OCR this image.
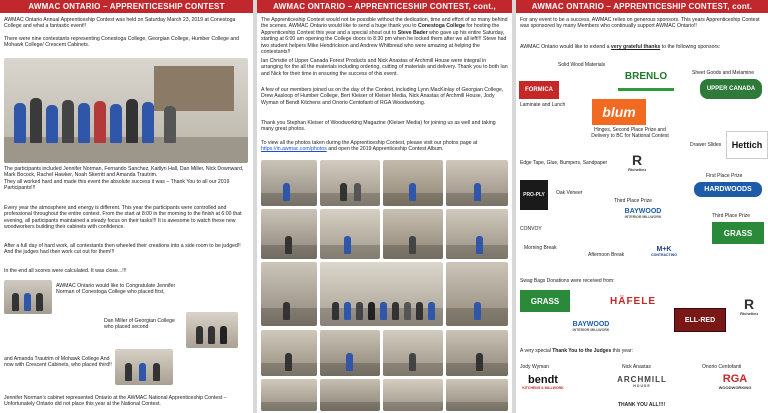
AWMAC ONTARIO – APPRENTICESHIP CONTEST
AWMAC Ontario Annual Apprenticeship Contest was held on Saturday March 23, 2019 at Conestoga College and what a fantastic event!!
There were nine contestants representing Conestoga College, Georgian College, Humber College and Mohawk College/ Crescent Cabinets.
The participants included Jennifer Norman, Fernando Sanchez, Kaitlyn Hall, Dan Miller, Nick Downward, Mark Bocock, Rachel Hawker, Noah Skerritt and Amanda Trautrim.
They all worked hard and made this event the absolute success it was – Thank You to all our 2019 Participants!!!
Every year the atmosphere and energy is different. This year the participants were controlled and professional throughout the entire contest. From the start at 8:00 in the morning to the finish at 6:00 that evening, all participants maintained a steady focus on their tasks!!! It is awesome to watch these new woodworkers building their cabinets with confidence.
After a full day of hard work, all contestants then wheeled their creations into a side room to be judged!! And the judges had their work cut out for them!!!
In the end all scores were calculated. It was close...!!!
AWMAC Ontario would like to Congratulate Jennifer Norman of Conestoga College who placed first,
Dan Miller of Georgian College who placed second
and Amanda Trautrim of Mohawk College And now with Crescent Cabinets, who placed third!!
Jennifer Norman’s cabinet represented Ontario at the AWMAC National Apprenticeship Contest – Unfortunately Ontario did not place this year at the National Contest.
AWMAC ONTARIO – APPRENTICESHIP CONTEST, cont.,
The Apprenticeship Contest would not be possible without the dedication, time and effort of so many behind the scenes. AWMAC Ontario would like to send a huge thank you to Conestoga College for hosting the Apprenticeship Contest this year and a special shout out to Steve Bader who gave up his entire Saturday, starting at 6:00 am opening the College doors to 8:30 pm when he locked them after we all left!!! Steve had two student helpers Mike Hendrickson and Andrew Whitbread who were amazing at helping the contestants!!
Ian Christie of Upper Canada Forest Products and Nick Anastas of Archmill House were integral in arranging for the all the materials including ordering, cutting of materials and delivery. Thank you to both Ian and Nick for their time in ensuring the success of this event.
A few of our members joined us on the day of the Contest, including Lynn MacKinlay of Georgian College, Drew Aasloop of Humber College, Bert Kleiser of Kleiser Media, Nick Anastas of Archmill House, Jody Wyman of Bendt Kitchens and Onorio Centofanti of RGA Woodworking.
Thank you Stephan Kleiser of Woodworking Magazine (Kleiser Media) for joining us as well and taking many great photos.
To view all the photos taken during the Apprenticeship Contest, please visit our photos page at https://in.awmac.com/photos and open the 2019 Apprenticeship Contest Album.
AWMAC ONTARIO – APPRENTICESHIP CONTEST, cont.
For any event to be a success, AWMAC relies on generous sponsors. This years Apprenticeship Contest was sponsored by many Members who continually support AWMAC Ontario!!
AWMAC Ontario would like to extend a very grateful thanks to the following sponsors:
Solid Wood Materials
Sheet Goods and Melamine
BRENLO
UPPER CANADA
FORMICA
Laminate and Lunch	blum
Hinges, Second Place Prize and Delivery to BC for National Contest
Drawer Slides	Hettich
Edge Tape, Glue, Bumpers, Sandpaper R
Richelieu
First Place Prize
HARDWOODS
PRO-PLY	Oak Veneer
Third Place Prize
BAYWOOD
INTERIOR MILLWORK	Third Place Prize
GRASS
CONVOY
Morning Break
Afternoon Break
M+K
CONTRACTING
Swag Bags Donations were received from:
GRASS	HÄFELE	R
Richelieu
ELL-RED
BAYWOOD
INTERIOR MILLWORK
A very special Thank You to the Judges this year:
Jody Wyman	Nick Anastas	Onorio Centofanti
bendt
KITCHENS & MILLWORK
ARCHMILL
HOUSE
RGA
WOODWORKING
THANK YOU ALL!!!!
